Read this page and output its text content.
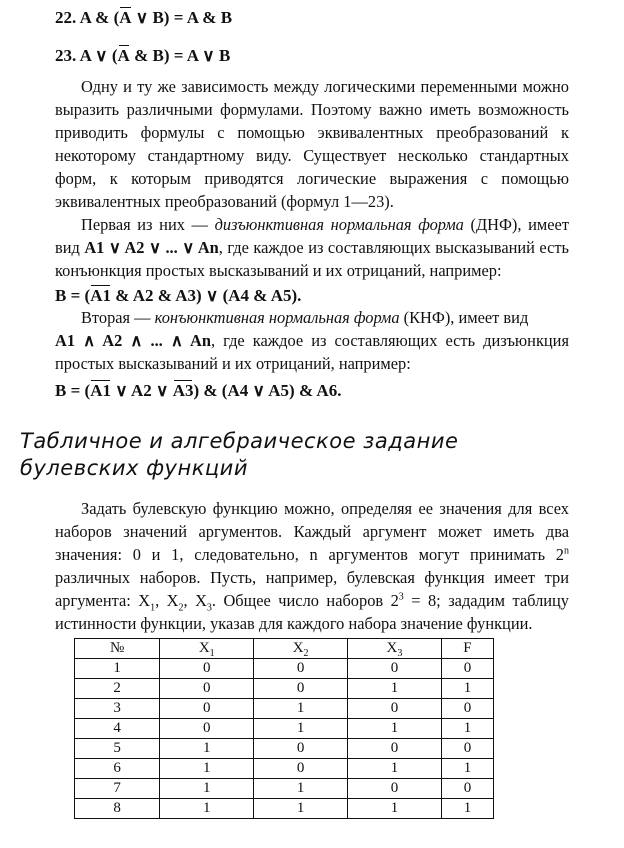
22. A & (A ∨ B) = A & B
23. A ∨ (A & B) = A ∨ B

Одну и ту же зависимость между логическими переменными можно выразить различными формулами. Поэтому важно иметь возможность приводить формулы с помощью эквивалентных преобразований к некоторому стандартному виду. Существует несколько стандартных форм, к которым приводятся логические выражения с помощью эквивалентных преобразований (формул 1—23).

Первая из них — дизъюнктивная нормальная форма (ДНФ), имеет вид A1 ∨ A2 ∨ ... ∨ An, где каждое из составляющих высказываний есть конъюнкция простых высказываний и их отрицаний, например:

B = (A1 & A2 & A3) ∨ (A4 & A5).

Вторая — конъюнктивная нормальная форма (КНФ), имеет вид
A1 ∧ A2 ∧ ... ∧ An, где каждое из составляющих есть дизъюнкция простых высказываний и их отрицаний, например:

B = (A1 ∨ A2 ∨ A3) & (A4 ∨ A5) & A6.
Табличное и алгебраическое задание
булевских функций

Задать булевскую функцию можно, определяя ее значения для всех наборов значений аргументов. Каждый аргумент может иметь два значения: 0 и 1, следовательно, n аргументов могут принимать 2$^n$ различных наборов. Пусть, например, булевская функция имеет три аргумента: $X_1$, $X_2$, $X_3$. Общее число наборов $2^3 = 8$; зададим таблицу истинности функции, указав для каждого набора значение функции.

№	$X_1$	$X_2$	$X_3$	F
1	0	0	0	0
2	0	0	1	1
3	0	1	0	0
4	0	1	1	1
5	1	0	0	0
6	1	0	1	1
7	1	1	0	0
8	1	1	1	1
